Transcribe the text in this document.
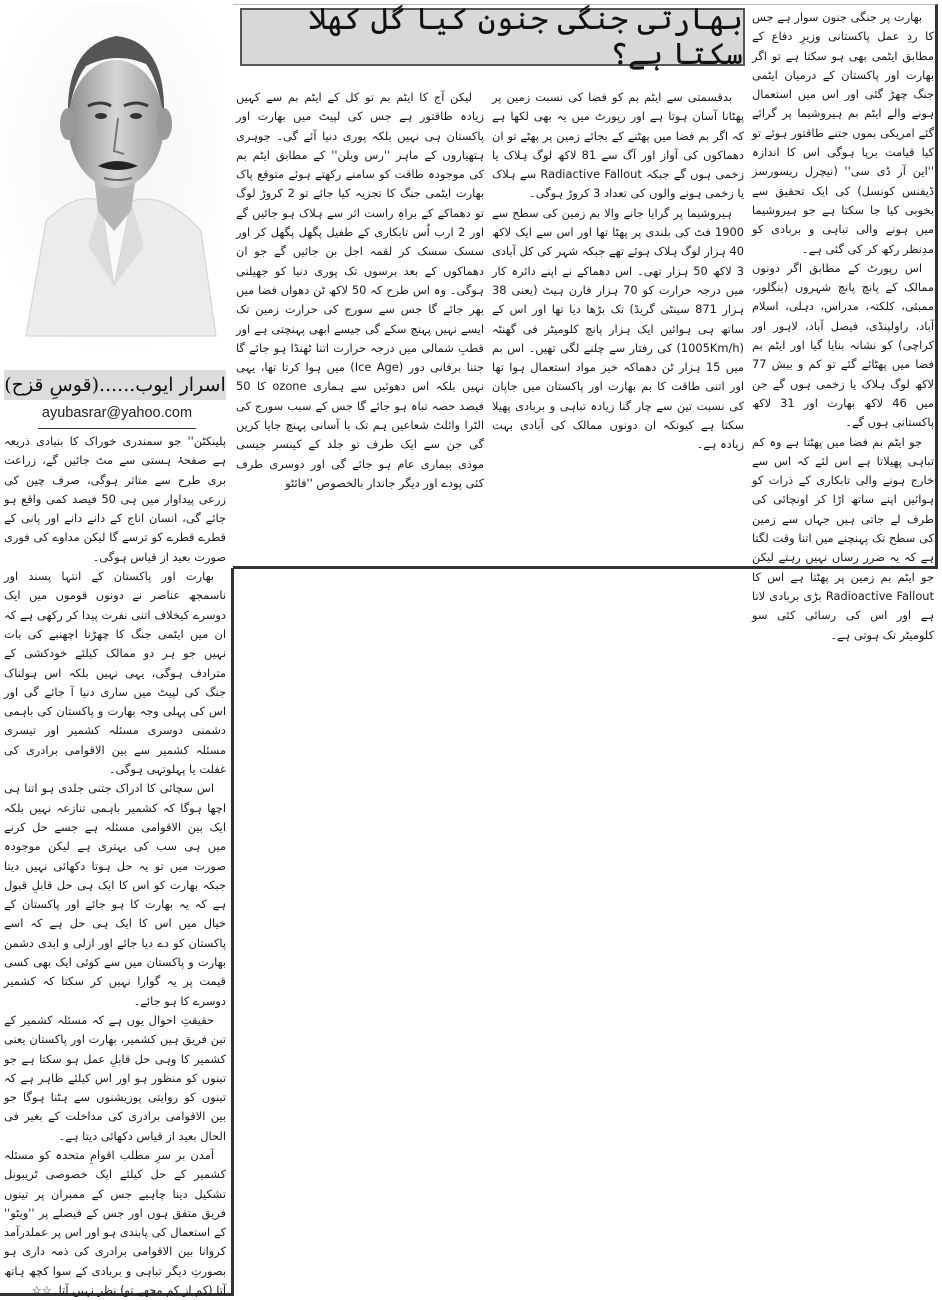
بھارتی جنگی جنون کیا گل کھلا سکتا ہے؟
اسرار ایوب......(قوسِ قزح)
ayubasrar@yahoo.com

بھارت پر جنگی جنون سوار ہے جس کا ردِ عمل پاکستانی وزیرِ دفاع کے مطابق ایٹمی بھی ہو سکتا ہے تو اگر بھارت اور پاکستان کے درمیان ایٹمی جنگ چھڑ گئی اور اس میں استعمال ہونے والے ایٹم بم ہیروشیما پر گرائے گئے امریکی بموں جتنے طاقتور ہوئے تو کیا قیامت برپا ہوگی اس کا اندازہ ''این آر ڈی سی'' (نیچرل ریسورسز ڈیفنس کونسل) کی ایک تحقیق سے بخوبی کیا جا سکتا ہے جو ہیروشیما میں ہونے والی تباہی و بربادی کو مدِنظر رکھ کر کی گئی ہے۔

اس رپورٹ کے مطابق اگر دونوں ممالک کے پانچ پانچ شہروں (بنگلور، ممبئی، کلکتہ، مدراس، دہلی، اسلام آباد، راولپنڈی، فیصل آباد، لاہور اور کراچی) کو نشانہ بنایا گیا اور ایٹم بم فضا میں پھٹائے گئے تو کم و بیش 77 لاکھ لوگ ہلاک یا زخمی ہوں گے جن میں 46 لاکھ بھارت اور 31 لاکھ پاکستانی ہوں گے۔

جو ایٹم بم فضا میں پھٹتا ہے وہ کم تباہی پھیلاتا ہے اس لئے کہ اس سے خارج ہونے والی تابکاری کے ذرات کو ہوائیں اپنے ساتھ اڑا کر اونچائی کی طرف لے جاتی ہیں جہاں سے زمین کی سطح تک پہنچنے میں اتنا وقت لگتا ہے کہ یہ ضرر رساں نہیں رہتے لیکن جو ایٹم بم زمین پر پھٹتا ہے اس کا Radioactive Fallout بڑی بربادی لاتا ہے اور اس کی رسائی کئی سو کلومیٹر تک ہوتی ہے۔

بدقسمتی سے ایٹم بم کو فضا کی نسبت زمین پر پھٹانا آسان ہوتا ہے اور رپورٹ میں یہ بھی لکھا ہے کہ اگر بم فضا میں پھٹنے کے بجائے زمین پر پھٹے تو ان دھماکوں کی آواز اور آگ سے 81 لاکھ لوگ ہلاک یا زخمی ہوں گے جبکہ Radiactive Fallout سے ہلاک یا زخمی ہونے والوں کی تعداد 3 کروڑ ہوگی۔

ہیروشیما پر گرایا جانے والا بم زمین کی سطح سے 1900 فٹ کی بلندی پر پھٹا تھا اور اس سے ایک لاکھ 40 ہزار لوگ ہلاک ہوئے تھے جبکہ شہر کی کل آبادی 3 لاکھ 50 ہزار تھی۔ اس دھماکے نے اپنے دائرہ کار میں درجہ حرارت کو 70 ہزار فارن ہیٹ (یعنی 38 ہزار 871 سینٹی گریڈ) تک بڑھا دیا تھا اور اس کے ساتھ ہی ہوائیں ایک ہزار پانچ کلومیٹر فی گھنٹہ (1005Km/h) کی رفتار سے چلنے لگی تھیں۔ اس بم میں 15 ہزار ٹن دھماکہ خیز مواد استعمال ہوا تھا اور اتنی طاقت کا بم بھارت اور پاکستان میں جاپان کی نسبت تین سے چار گنا زیادہ تباہی و بربادی پھیلا سکتا ہے کیونکہ ان دونوں ممالک کی آبادی بہت زیادہ ہے۔

لیکن آج کا ایٹم بم تو کل کے ایٹم بم سے کہیں زیادہ طاقتور ہے جس کی لپیٹ میں بھارت اور پاکستان ہی نہیں بلکہ پوری دنیا آئے گی۔ جوہری ہتھیاروں کے ماہر ''رس ویلن'' کے مطابق ایٹم بم کی موجودہ طاقت کو سامنے رکھتے ہوئے متوقع پاک بھارت ایٹمی جنگ کا تجزیہ کیا جائے تو 2 کروڑ لوگ تو دھماکے کے براہِ راست اثر سے ہلاک ہو جائیں گے اور 2 ارب اُس تابکاری کے طفیل پگھل پگھل کر اور سسک سسک کر لقمہ اجل بن جائیں گے جو ان دھماکوں کے بعد برسوں تک پوری دنیا کو جھیلنی ہوگی۔ وہ اس طرح کہ 50 لاکھ ٹن دھواں فضا میں بھر جائے گا جس سے سورج کی حرارت زمین تک ایسے نہیں پہنچ سکے گی جیسے ابھی پہنچتی ہے اور قطبِ شمالی میں درجہ حرارت اتنا ٹھنڈا ہو جائے گا جتنا برفانی دور (Ice Age) میں ہوا کرتا تھا، یہی نہیں بلکہ اس دھوئیں سے ہماری ozone کا 50 فیصد حصہ تباہ ہو جائے گا جس کے سبب سورج کی الٹرا وائلٹ شعاعیں ہم تک با آسانی پہنچ جایا کریں گی جن سے ایک طرف تو جلد کے کینسر جیسی موذی بیماری عام ہو جائے گی اور دوسری طرف کئی پودے اور دیگر جاندار بالخصوص ''فائٹو

پلینکٹن'' جو سمندری خوراک کا بنیادی ذریعہ ہے صفحۂ ہستی سے مٹ جائیں گے، زراعت بری طرح سے متاثر ہوگی، صرف چین کی زرعی پیداوار میں ہی 50 فیصد کمی واقع ہو جائے گی، انسان اناج کے دانے دانے اور پانی کے قطرے قطرے کو ترسے گا لیکن مداوے کی فوری صورت بعید از قیاس ہوگی۔

بھارت اور پاکستان کے انتہا پسند اور ناسمجھ عناصر نے دونوں قوموں میں ایک دوسرے کیخلاف اتنی نفرت پیدا کر رکھی ہے کہ ان میں ایٹمی جنگ کا چھڑنا اچھنبے کی بات نہیں جو ہر دو ممالک کیلئے خودکشی کے مترادف ہوگی، یہی نہیں بلکہ اس ہولناک جنگ کی لپیٹ میں ساری دنیا آ جائے گی اور اس کی پہلی وجہ بھارت و پاکستان کی باہمی دشمنی دوسری مسئلہ کشمیر اور تیسری مسئلہ کشمیر سے بین الاقوامی برادری کی غفلت یا پہلوتہی ہوگی۔

اس سچائی کا ادراک جتنی جلدی ہو اتنا ہی اچھا ہوگا کہ کشمیر باہمی تنازعہ نہیں بلکہ ایک بین الاقوامی مسئلہ ہے جسے حل کرنے میں ہی سب کی بہتری ہے لیکن موجودہ صورت میں تو یہ حل ہوتا دکھائی نہیں دیتا جبکہ بھارت کو اس کا ایک ہی حل قابلِ قبول ہے کہ یہ بھارت کا ہو جائے اور پاکستان کے خیال میں اس کا ایک ہی حل ہے کہ اسے پاکستان کو دے دیا جائے اور ازلی و ابدی دشمن بھارت و پاکستان میں سے کوئی ایک بھی کسی قیمت پر یہ گوارا نہیں کر سکتا کہ کشمیر دوسرے کا ہو جائے۔

حقیقتِ احوال یوں ہے کہ مسئلہ کشمیر کے تین فریق ہیں کشمیر، بھارت اور پاکستان یعنی کشمیر کا وہی حل قابلِ عمل ہو سکتا ہے جو تینوں کو منظور ہو اور اس کیلئے ظاہر ہے کہ تینوں کو روایتی پوزیشنوں سے ہٹنا ہوگا جو بین الاقوامی برادری کی مداخلت کے بغیر فی الحال بعید از قیاس دکھائی دیتا ہے۔

آمدن بر سرِ مطلب اقوامِ متحدہ کو مسئلہ کشمیر کے حل کیلئے ایک خصوصی ٹریبونل تشکیل دینا چاہیے جس کے ممبران پر تینوں فریق متفق ہوں اور جس کے فیصلے پر ''ویٹو'' کے استعمال کی پابندی ہو اور اس پر عملدرآمد کروانا بین الاقوامی برادری کی ذمہ داری ہو بصورتِ دیگر تباہی و بربادی کے سوا کچھ ہاتھ آتا (کم از کم مجھے تو) نظر نہیں آتا۔☆☆
